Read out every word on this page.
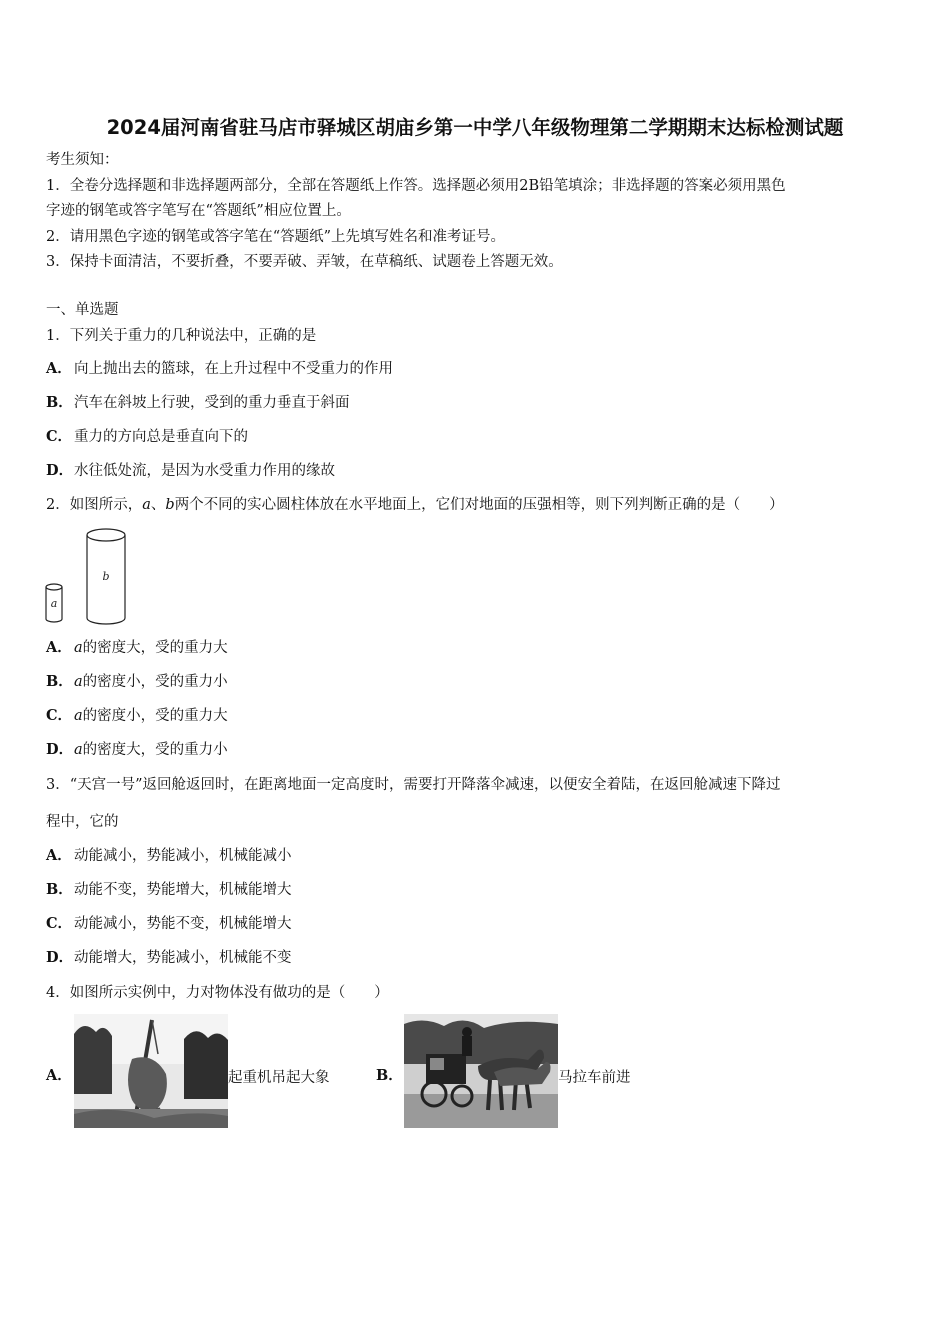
2024届河南省驻马店市驿城区胡庙乡第一中学八年级物理第二学期期末达标检测试题
考生须知：
1．全卷分选择题和非选择题两部分，全部在答题纸上作答。选择题必须用2B铅笔填涂；非选择题的答案必须用黑色
字迹的钢笔或答字笔写在“答题纸”相应位置上。
2．请用黑色字迹的钢笔或答字笔在“答题纸”上先填写姓名和准考证号。
3．保持卡面清洁，不要折叠，不要弄破、弄皱，在草稿纸、试题卷上答题无效。
一、单选题
1．下列关于重力的几种说法中，正确的是
A． 向上抛出去的篮球，在上升过程中不受重力的作用
B．汽车在斜坡上行驶，受到的重力垂直于斜面
C． 重力的方向总是垂直向下的
D．水往低处流，是因为水受重力作用的缘故
2．如图所示，a、b两个不同的实心圆柱体放在水平地面上，它们对地面的压强相等，则下列判断正确的是（　　）
a
b
A． a的密度大，受的重力大
B．a的密度小，受的重力小
C． a的密度小，受的重力大
D．a的密度大，受的重力小
3．“天宫一号”返回舱返回时，在距离地面一定高度时，需要打开降落伞减速，以便安全着陆，在返回舱减速下降过
程中，它的
A． 动能减小，势能减小，机械能减小
B．动能不变，势能增大，机械能增大
C． 动能减小，势能不变，机械能增大
D．动能增大，势能减小，机械能不变
4．如图所示实例中，力对物体没有做功的是（　　）
A．	起重机吊起大象	B．	马拉车前进
